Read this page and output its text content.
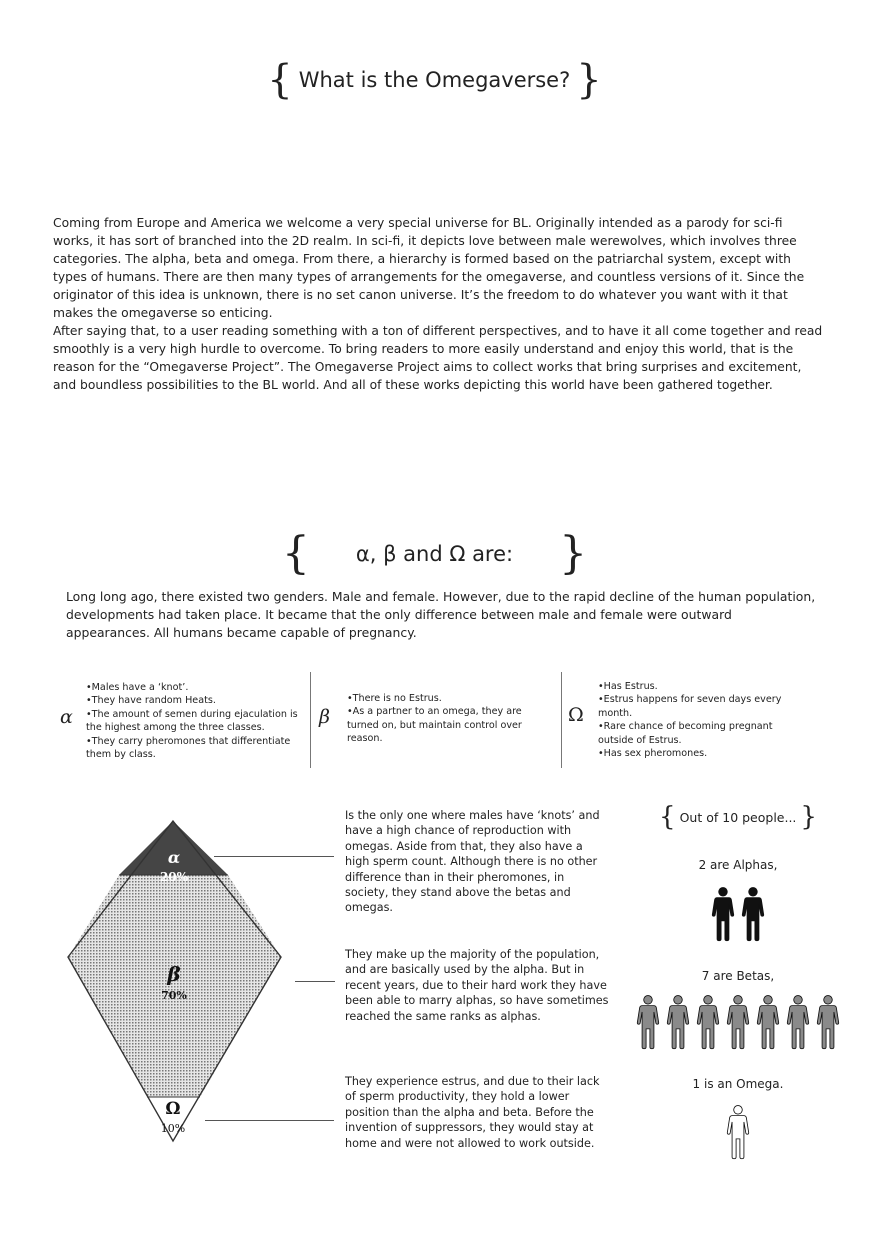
{ What is the Omegaverse? }

Coming from Europe and America we welcome a very special universe for BL. Originally intended as a parody for sci-fi works, it has sort of branched into the 2D realm. In sci-fi, it depicts love between male werewolves, which involves three categories. The alpha, beta and omega. From there, a hierarchy is formed based on the patriarchal system, except with types of humans. There are then many types of arrangements for the omegaverse, and countless versions of it. Since the originator of this idea is unknown, there is no set canon universe. It’s the freedom to do whatever you want with it that makes the omegaverse so enticing.

After saying that, to a user reading something with a ton of different perspectives, and to have it all come together and read smoothly is a very high hurdle to overcome. To bring readers to more easily understand and enjoy this world, that is the reason for the “Omegaverse Project”. The Omegaverse Project aims to collect works that bring surprises and excitement, and boundless possibilities to the BL world. And all of these works depicting this world have been gathered together.

{ α, β and Ω are: }
Long long ago, there existed two genders. Male and female. However, due to the rapid decline of the human population, developments had taken place. It became that the only difference between male and female were outward appearances. All humans became capable of pregnancy.
α
•Males have a ‘knot’.
•They have random Heats.
•The amount of semen during ejaculation is the highest among the three classes.
•They carry pheromones that differentiate them by class.
β
•There is no Estrus.
•As a partner to an omega, they are turned on, but maintain control over reason.
Ω
•Has Estrus.
•Estrus happens for seven days every month.
•Rare chance of becoming pregnant outside of Estrus.
•Has sex pheromones.
α
20%
β
70%
Ω
10%
Is the only one where males have ‘knots’ and have a high chance of reproduction with omegas. Aside from that, they also have a high sperm count. Although there is no other difference than in their pheromones, in society, they stand above the betas and omegas.
They make up the majority of the population, and are basically used by the alpha. But in recent years, due to their hard work they have been able to marry alphas, so have sometimes reached the same ranks as alphas.
They experience estrus, and due to their lack of sperm productivity, they hold a lower position than the alpha and beta. Before the invention of suppressors, they would stay at home and were not allowed to work outside.
{ Out of 10 people... }
2 are Alphas,
7 are Betas,
1 is an Omega.
